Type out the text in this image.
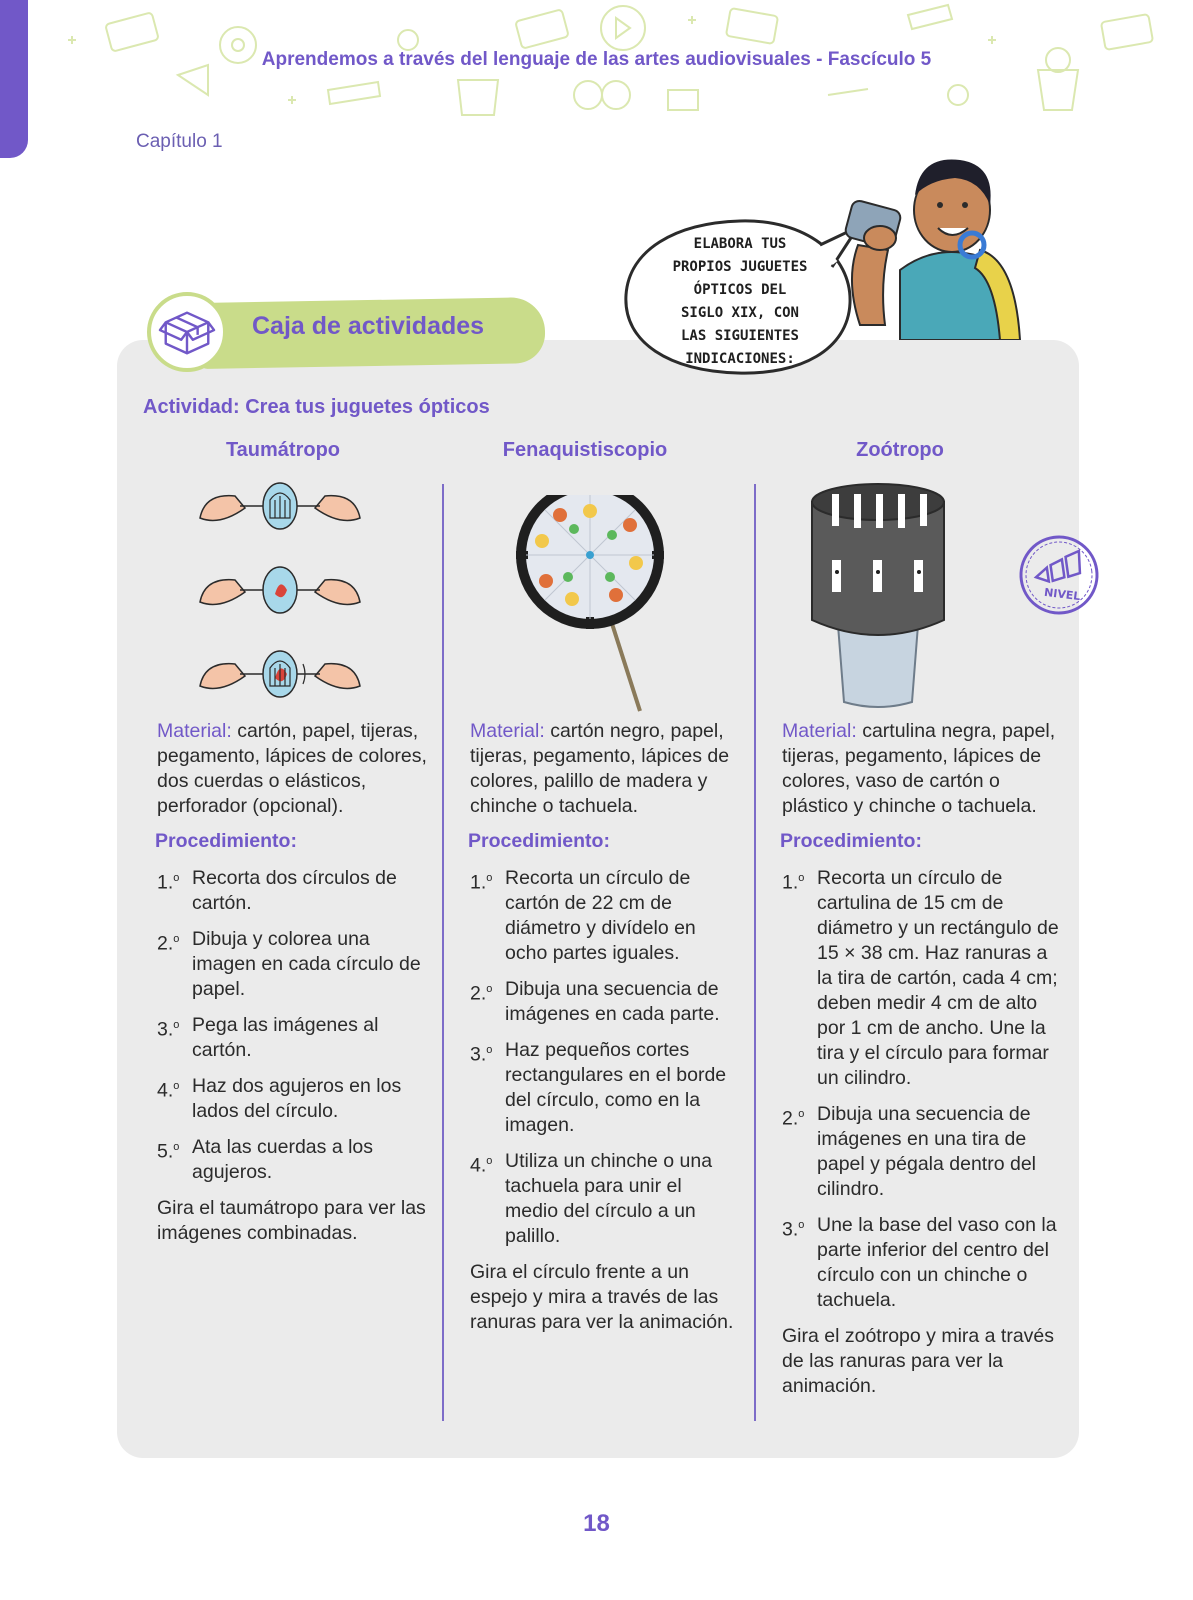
Aprendemos a través del lenguaje de las artes audiovisuales - Fascículo 5
Capítulo 1
Caja de actividades
ELABORA TUS
PROPIOS JUGUETES
ÓPTICOS DEL
SIGLO XIX, CON
LAS SIGUIENTES
INDICACIONES:
Actividad: Crea tus juguetes ópticos
Taumátropo	Fenaquistiscopio	Zoótropo
NIVEL
Material: cartón, papel, tijeras, pegamento, lápices de colores, dos cuerdas o elásticos, perforador (opcional).
Procedimiento:
1.$^o$ Recorta dos círculos de cartón.
2.$^o$ Dibuja y colorea una imagen en cada círculo de papel.
3.$^o$ Pega las imágenes al cartón.
4.$^o$ Haz dos agujeros en los lados del círculo.
5.$^o$ Ata las cuerdas a los agujeros.
Gira el taumátropo para ver las imágenes combinadas.
Material: cartón negro, papel, tijeras, pegamento, lápices de colores, palillo de madera y chinche o tachuela.
Procedimiento:
1.$^o$ Recorta un círculo de cartón de 22 cm de diámetro y divídelo en ocho partes iguales.
2.$^o$ Dibuja una secuencia de imágenes en cada parte.
3.$^o$ Haz pequeños cortes rectangulares en el borde del círculo, como en la imagen.
4.$^o$ Utiliza un chinche o una tachuela para unir el medio del círculo a un palillo.
Gira el círculo frente a un espejo y mira a través de las ranuras para ver la animación.
Material: cartulina negra, papel, tijeras, pegamento, lápices de colores, vaso de cartón o plástico y chinche o tachuela.
Procedimiento:
1.$^o$ Recorta un círculo de cartulina de 15 cm de diámetro y un rectángulo de 15 × 38 cm. Haz ranuras a la tira de cartón, cada 4 cm; deben medir 4 cm de alto por 1 cm de ancho. Une la tira y el círculo para formar un cilindro.
2.$^o$ Dibuja una secuencia de imágenes en una tira de papel y pégala dentro del cilindro.
3.$^o$ Une la base del vaso con la parte inferior del centro del círculo con un chinche o tachuela.
Gira el zoótropo y mira a través de las ranuras para ver la animación.
18
